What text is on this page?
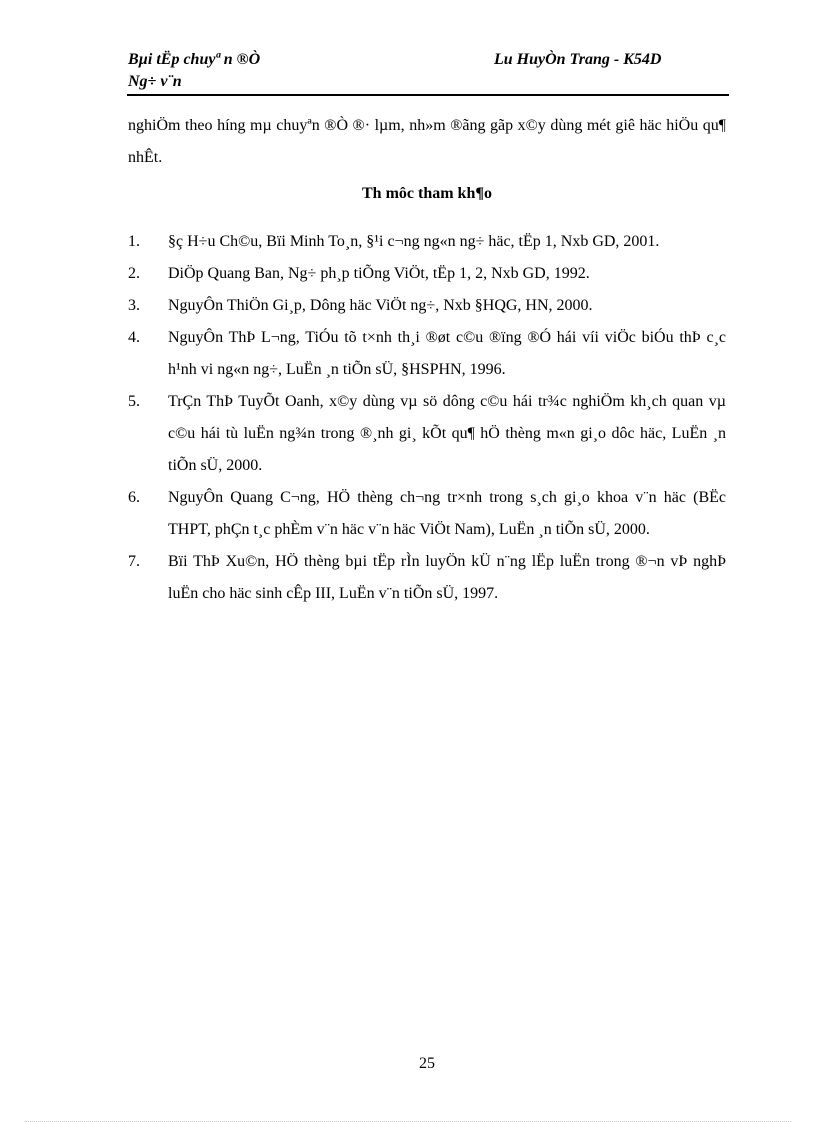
Bµi tËp chuyª n ®Ò
Ng÷ v¨n
Lu HuyÒn Trang - K54D
nghiÖm theo híng mµ chuyªn ®Ò ®· lµm, nh»m ®ãng gãp x©y dùng mét giê häc hiÖu qu¶ nhÊt.
Th môc tham kh¶o
1. §ç H÷u Ch©u, Bïi Minh To¸n, §¹i c¬ng ng«n ng÷ häc, tËp 1, Nxb GD, 2001.
2. DiÖp Quang Ban, Ng÷ ph¸p tiÕng ViÖt, tËp 1, 2, Nxb GD, 1992.
3. NguyÔn ThiÖn Gi¸p, Dông häc ViÖt ng÷, Nxb §HQG, HN, 2000.
4. NguyÔn ThÞ L¬ng, TiÓu tõ t×nh th¸i ®øt c©u ®ïng ®Ó hái víi viÖc biÓu thÞ c¸c h¹nh vi ng«n ng÷, LuËn ¸n tiÕn sÜ, §HSPHN, 1996.
5. TrÇn ThÞ TuyÕt Oanh, x©y dùng vµ sö dông c©u hái tr¾c nghiÖm kh¸ch quan vµ c©u hái tù luËn ng¾n trong ®¸nh gi¸ kÕt qu¶ hÖ thèng m«n gi¸o dôc häc, LuËn ¸n tiÕn sÜ, 2000.
6. NguyÔn Quang C¬ng, HÖ thèng ch¬ng tr×nh trong s¸ch gi¸o khoa v¨n häc (BËc THPT, phÇn t¸c phÈm v¨n häc v¨n häc ViÖt Nam), LuËn ¸n tiÕn sÜ, 2000.
7. Bïi ThÞ Xu©n, HÖ thèng bµi tËp rÌn luyÖn kÜ n¨ng lËp luËn trong ®¬n vÞ nghÞ luËn cho häc sinh cÊp III, LuËn v¨n tiÕn sÜ, 1997.
25
